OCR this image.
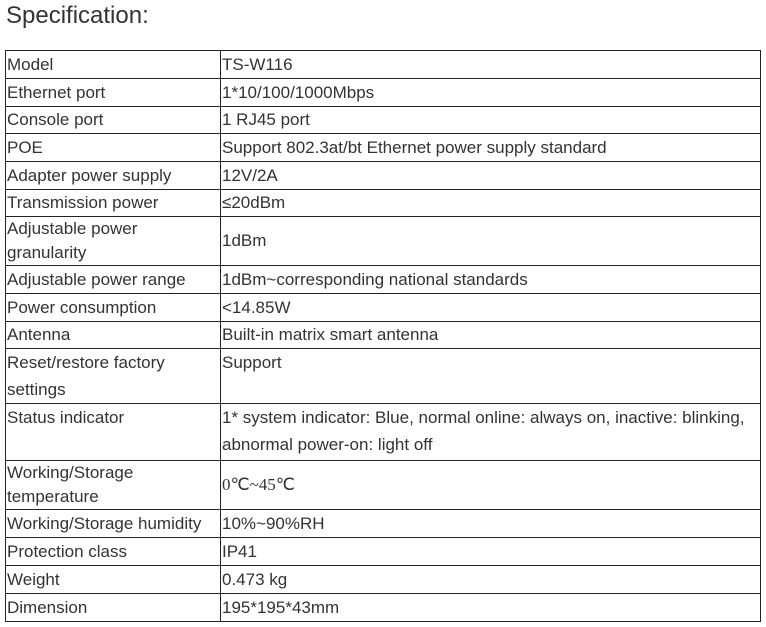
Specification:
Model	TS-W116
Ethernet port	1*10/100/1000Mbps
Console port	1 RJ45 port
POE	Support 802.3at/bt Ethernet power supply standard
Adapter power supply	12V/2A
Transmission power	≤20dBm
Adjustable power granularity	1dBm
Adjustable power range	1dBm~corresponding national standards
Power consumption	<14.85W
Antenna	Built-in matrix smart antenna
Reset/restore factory settings	Support
Status indicator	1* system indicator: Blue, normal online: always on, inactive: blinking, abnormal power-on: light off
Working/Storage temperature	0℃~45℃
Working/Storage humidity	10%~90%RH
Protection class	IP41
Weight	0.473 kg
Dimension	195*195*43mm
